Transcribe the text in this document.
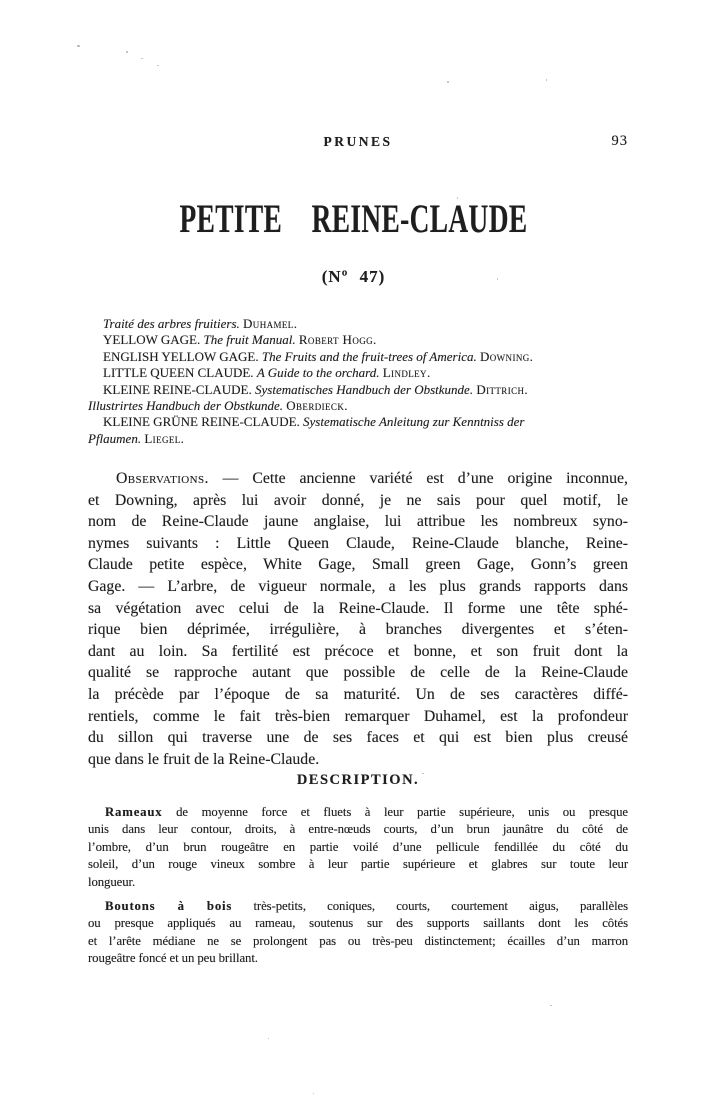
PRUNES	93
PETITE REINE-CLAUDE
(Nº 47)
Traité des arbres fruitiers. Duhamel.
YELLOW GAGE. The fruit Manual. Robert Hogg.
ENGLISH YELLOW GAGE. The Fruits and the fruit-trees of America. Downing.
LITTLE QUEEN CLAUDE. A Guide to the orchard. Lindley.
KLEINE REINE-CLAUDE. Systematisches Handbuch der Obstkunde. Dittrich.
Illustrirtes Handbuch der Obstkunde. Oberdieck.
KLEINE GRÜNE REINE-CLAUDE. Systematische Anleitung zur Kenntniss der
Pflaumen. Liegel.
Observations. — Cette ancienne variété est d’une origine inconnue,
et Downing, après lui avoir donné, je ne sais pour quel motif, le
nom de Reine-Claude jaune anglaise, lui attribue les nombreux syno-
nymes suivants : Little Queen Claude, Reine-Claude blanche, Reine-
Claude petite espèce, White Gage, Small green Gage, Gonn’s green
Gage. — L’arbre, de vigueur normale, a les plus grands rapports dans
sa végétation avec celui de la Reine-Claude. Il forme une tête sphé-
rique bien déprimée, irrégulière, à branches divergentes et s’éten-
dant au loin. Sa fertilité est précoce et bonne, et son fruit dont la
qualité se rapproche autant que possible de celle de la Reine-Claude
la précède par l’époque de sa maturité. Un de ses caractères diffé-
rentiels, comme le fait très-bien remarquer Duhamel, est la profondeur
du sillon qui traverse une de ses faces et qui est bien plus creusé
que dans le fruit de la Reine-Claude.
DESCRIPTION.
Rameaux de moyenne force et fluets à leur partie supérieure, unis ou presque
unis dans leur contour, droits, à entre-nœuds courts, d’un brun jaunâtre du côté de
l’ombre, d’un brun rougeâtre en partie voilé d’une pellicule fendillée du côté du
soleil, d’un rouge vineux sombre à leur partie supérieure et glabres sur toute leur
longueur.
Boutons à bois très-petits, coniques, courts, courtement aigus, parallèles
ou presque appliqués au rameau, soutenus sur des supports saillants dont les côtés
et l’arête médiane ne se prolongent pas ou très-peu distinctement; écailles d’un marron
rougeâtre foncé et un peu brillant.
